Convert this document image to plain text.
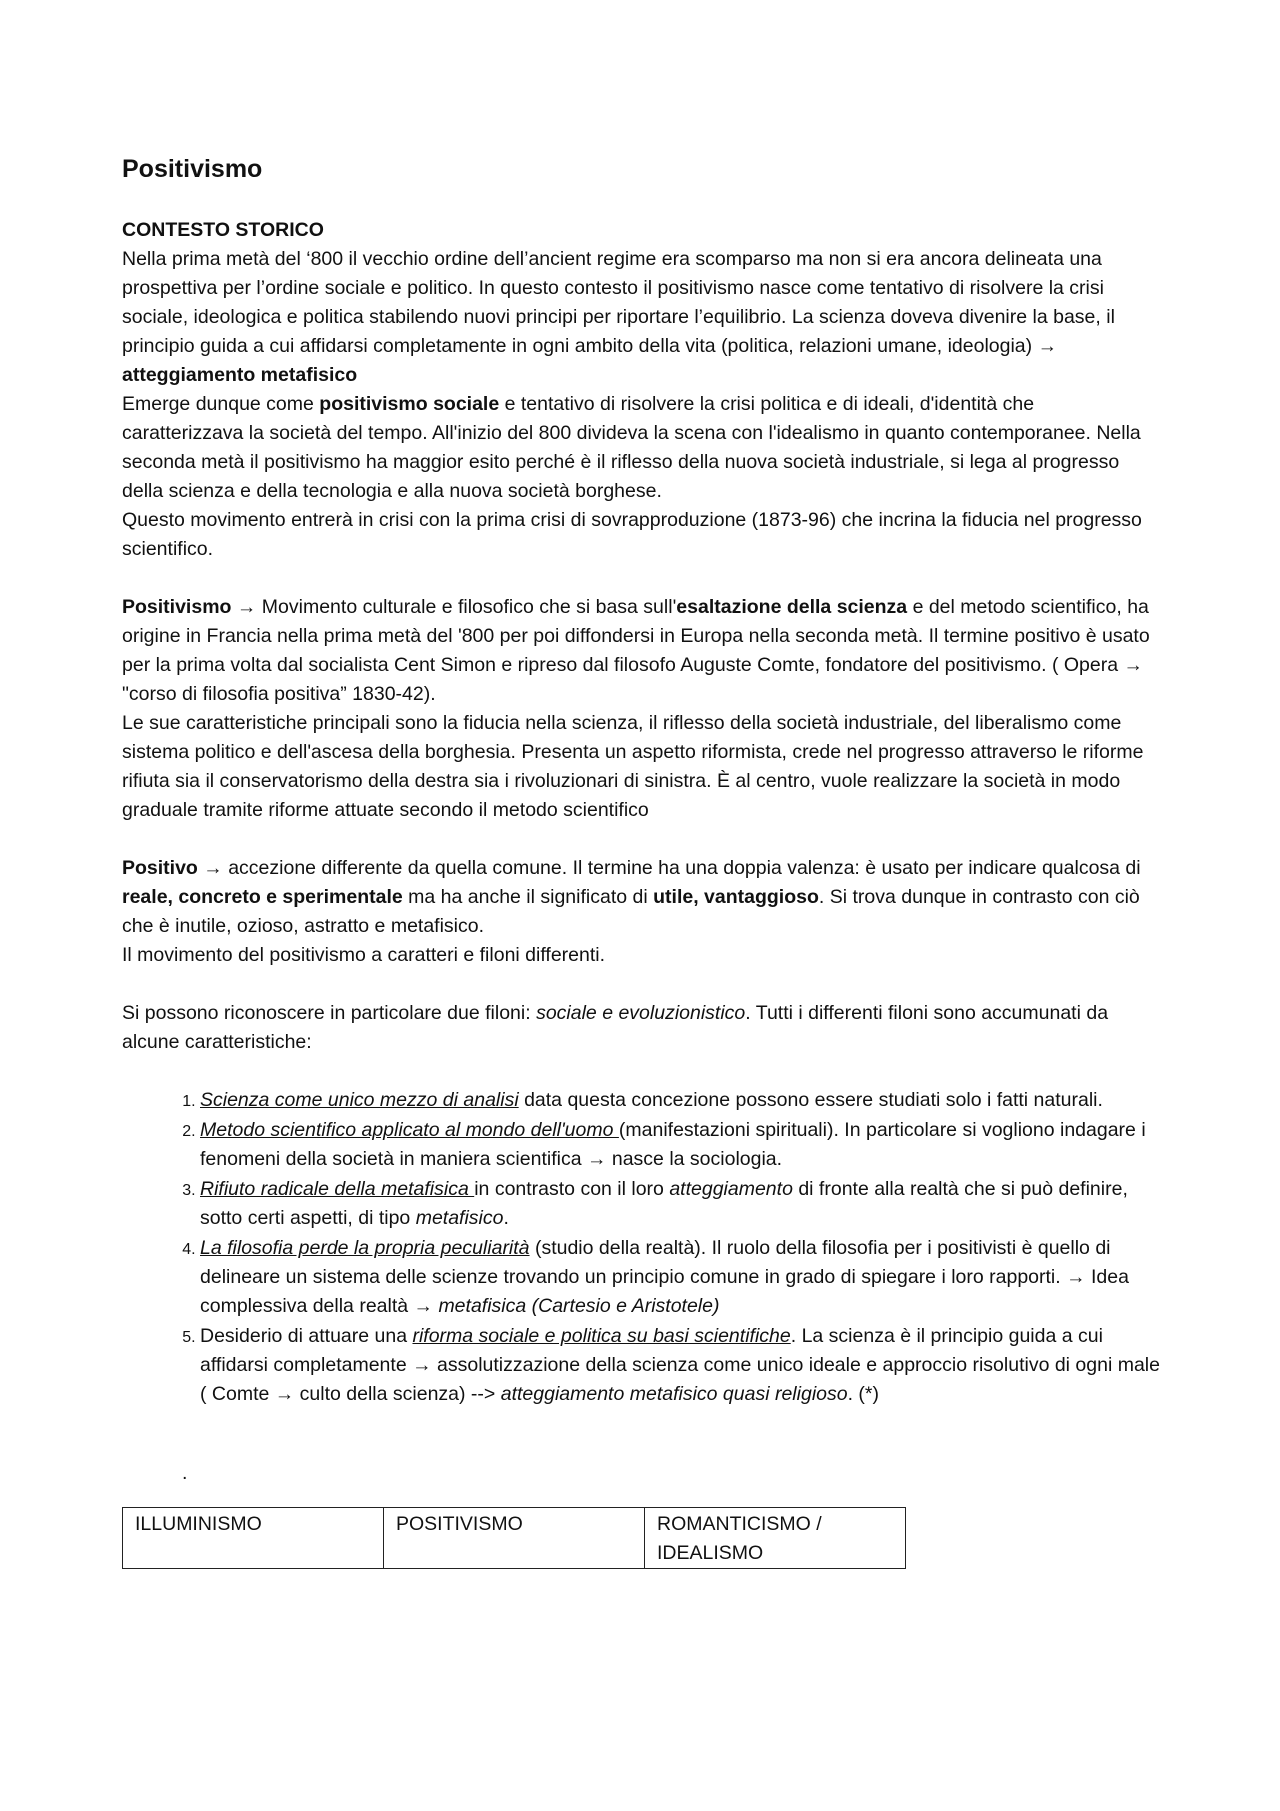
Positivismo

CONTESTO STORICO

Nella prima metà del ‘800 il vecchio ordine dell’ancient regime era scomparso ma non si era ancora delineata una prospettiva per l’ordine sociale e politico. In questo contesto il positivismo nasce come tentativo di risolvere la crisi sociale, ideologica e politica stabilendo nuovi principi per riportare l’equilibrio. La scienza doveva divenire la base, il principio guida a cui affidarsi completamente in ogni ambito della vita (politica, relazioni umane, ideologia) → atteggiamento metafisico

Emerge dunque come positivismo sociale e tentativo di risolvere la crisi politica e di ideali, d'identità che caratterizzava la società del tempo. All'inizio del 800 divideva la scena con l'idealismo in quanto contemporanee. Nella seconda metà il positivismo ha maggior esito perché è il riflesso della nuova società industriale, si lega al progresso della scienza e della tecnologia e alla nuova società borghese.

Questo movimento entrerà in crisi con la prima crisi di sovrapproduzione (1873-96) che incrina la fiducia nel progresso scientifico.

Positivismo → Movimento culturale e filosofico che si basa sull'esaltazione della scienza e del metodo scientifico, ha origine in Francia nella prima metà del '800 per poi diffondersi in Europa nella seconda metà. Il termine positivo è usato per la prima volta dal socialista Cent Simon e ripreso dal filosofo Auguste Comte, fondatore del positivismo. ( Opera → "corso di filosofia positiva” 1830-42).

Le sue caratteristiche principali sono la fiducia nella scienza, il riflesso della società industriale, del liberalismo come sistema politico e dell'ascesa della borghesia. Presenta un aspetto riformista, crede nel progresso attraverso le riforme rifiuta sia il conservatorismo della destra sia i rivoluzionari di sinistra. È al centro, vuole realizzare la società in modo graduale tramite riforme attuate secondo il metodo scientifico

Positivo → accezione differente da quella comune. Il termine ha una doppia valenza: è usato per indicare qualcosa di reale, concreto e sperimentale ma ha anche il significato di utile, vantaggioso. Si trova dunque in contrasto con ciò che è inutile, ozioso, astratto e metafisico.

Il movimento del positivismo a caratteri e filoni differenti.

Si possono riconoscere in particolare due filoni: sociale e evoluzionistico. Tutti i differenti filoni sono accumunati da alcune caratteristiche:

1. Scienza come unico mezzo di analisi data questa concezione possono essere studiati solo i fatti naturali.
2. Metodo scientifico applicato al mondo dell'uomo (manifestazioni spirituali). In particolare si vogliono indagare i fenomeni della società in maniera scientifica → nasce la sociologia.
3. Rifiuto radicale della metafisica in contrasto con il loro atteggiamento di fronte alla realtà che si può definire, sotto certi aspetti, di tipo metafisico.
4. La filosofia perde la propria peculiarità (studio della realtà). Il ruolo della filosofia per i positivisti è quello di delineare un sistema delle scienze trovando un principio comune in grado di spiegare i loro rapporti. → Idea complessiva della realtà → metafisica (Cartesio e Aristotele)
5. Desiderio di attuare una riforma sociale e politica su basi scientifiche. La scienza è il principio guida a cui affidarsi completamente → assolutizzazione della scienza come unico ideale e approccio risolutivo di ogni male ( Comte → culto della scienza) --> atteggiamento metafisico quasi religioso. (*)

.

ILLUMINISMO	POSITIVISMO	ROMANTICISMO / IDEALISMO
